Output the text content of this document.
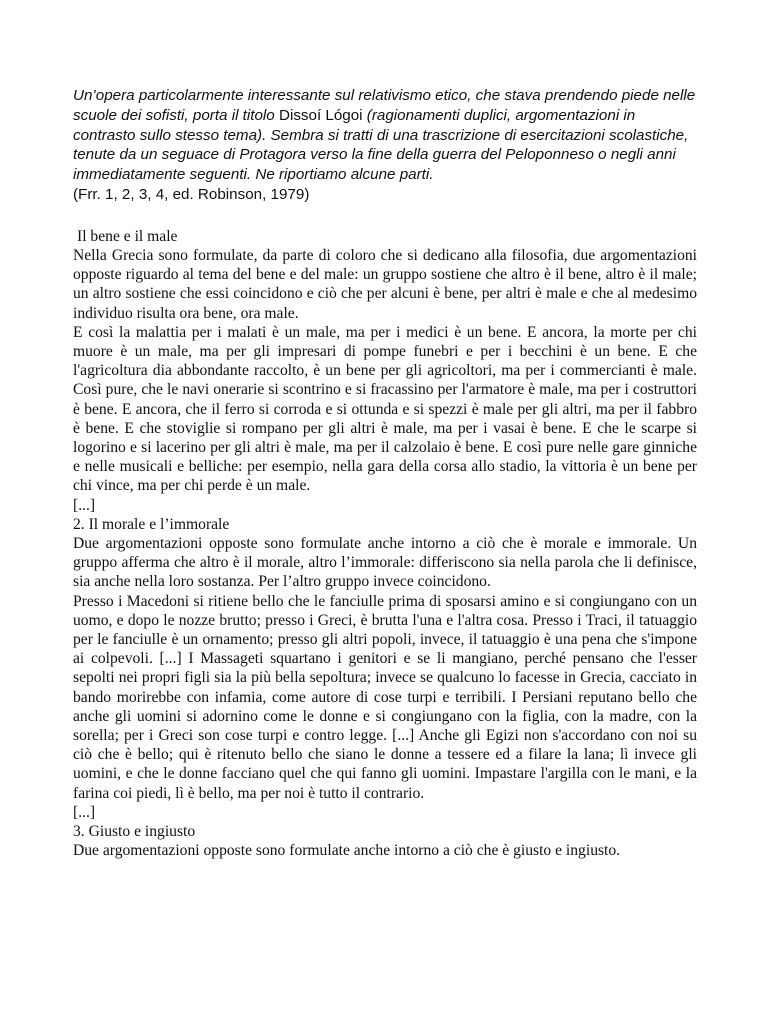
Un’opera particolarmente interessante sul relativismo etico, che stava prendendo piede nelle scuole dei sofisti, porta il titolo Dissoí Lógoi (ragionamenti duplici, argomentazioni in contrasto sullo stesso tema). Sembra si tratti di una trascrizione di esercitazioni scolastiche, tenute da un seguace di Protagora verso la fine della guerra del Peloponneso o negli anni immediatamente seguenti. Ne riportiamo alcune parti.

(Frr. 1, 2, 3, 4, ed. Robinson, 1979)

Il bene e il male

Nella Grecia sono formulate, da parte di coloro che si dedicano alla filosofia, due argomentazioni opposte riguardo al tema del bene e del male: un gruppo sostiene che altro è il bene, altro è il male; un altro sostiene che essi coincidono e ciò che per alcuni è bene, per altri è male e che al medesimo individuo risulta ora bene, ora male.

E così la malattia per i malati è un male, ma per i medici è un bene. E ancora, la morte per chi muore è un male, ma per gli impresari di pompe funebri e per i becchini è un bene. E che l'agricoltura dia abbondante raccolto, è un bene per gli agricoltori, ma per i commercianti è male. Così pure, che le navi onerarie si scontrino e si fracassino per l'armatore è male, ma per i costruttori è bene. E ancora, che il ferro si corroda e si ottunda e si spezzi è male per gli altri, ma per il fabbro è bene. E che stoviglie si rompano per gli altri è male, ma per i vasai è bene. E che le scarpe si logorino e si lacerino per gli altri è male, ma per il calzolaio è bene. E così pure nelle gare ginniche e nelle musicali e belliche: per esempio, nella gara della corsa allo stadio, la vittoria è un bene per chi vince, ma per chi perde è un male.

[...]

2. Il morale e l’immorale

Due argomentazioni opposte sono formulate anche intorno a ciò che è morale e immorale. Un gruppo afferma che altro è il morale, altro l’immorale: differiscono sia nella parola che li definisce, sia anche nella loro sostanza. Per l’altro gruppo invece coincidono.

Presso i Macedoni si ritiene bello che le fanciulle prima di sposarsi amino e si congiungano con un uomo, e dopo le nozze brutto; presso i Greci, è brutta l'una e l'altra cosa. Presso i Traci, il tatuaggio per le fanciulle è un ornamento; presso gli altri popoli, invece, il tatuaggio è una pena che s'impone ai colpevoli. [...] I Massageti squartano i genitori e se li mangiano, perché pensano che l'esser sepolti nei propri figli sia la più bella sepoltura; invece se qualcuno lo facesse in Grecia, cacciato in bando morirebbe con infamia, come autore di cose turpi e terribili. I Persiani reputano bello che anche gli uomini si adornino come le donne e si congiungano con la figlia, con la madre, con la sorella; per i Greci son cose turpi e contro legge. [...] Anche gli Egizi non s'accordano con noi su ciò che è bello; qui è ritenuto bello che siano le donne a tessere ed a filare la lana; lì invece gli uomini, e che le donne facciano quel che qui fanno gli uomini. Impastare l'argilla con le mani, e la farina coi piedi, lì è bello, ma per noi è tutto il contrario.

[...]

3. Giusto e ingiusto

Due argomentazioni opposte sono formulate anche intorno a ciò che è giusto e ingiusto.
